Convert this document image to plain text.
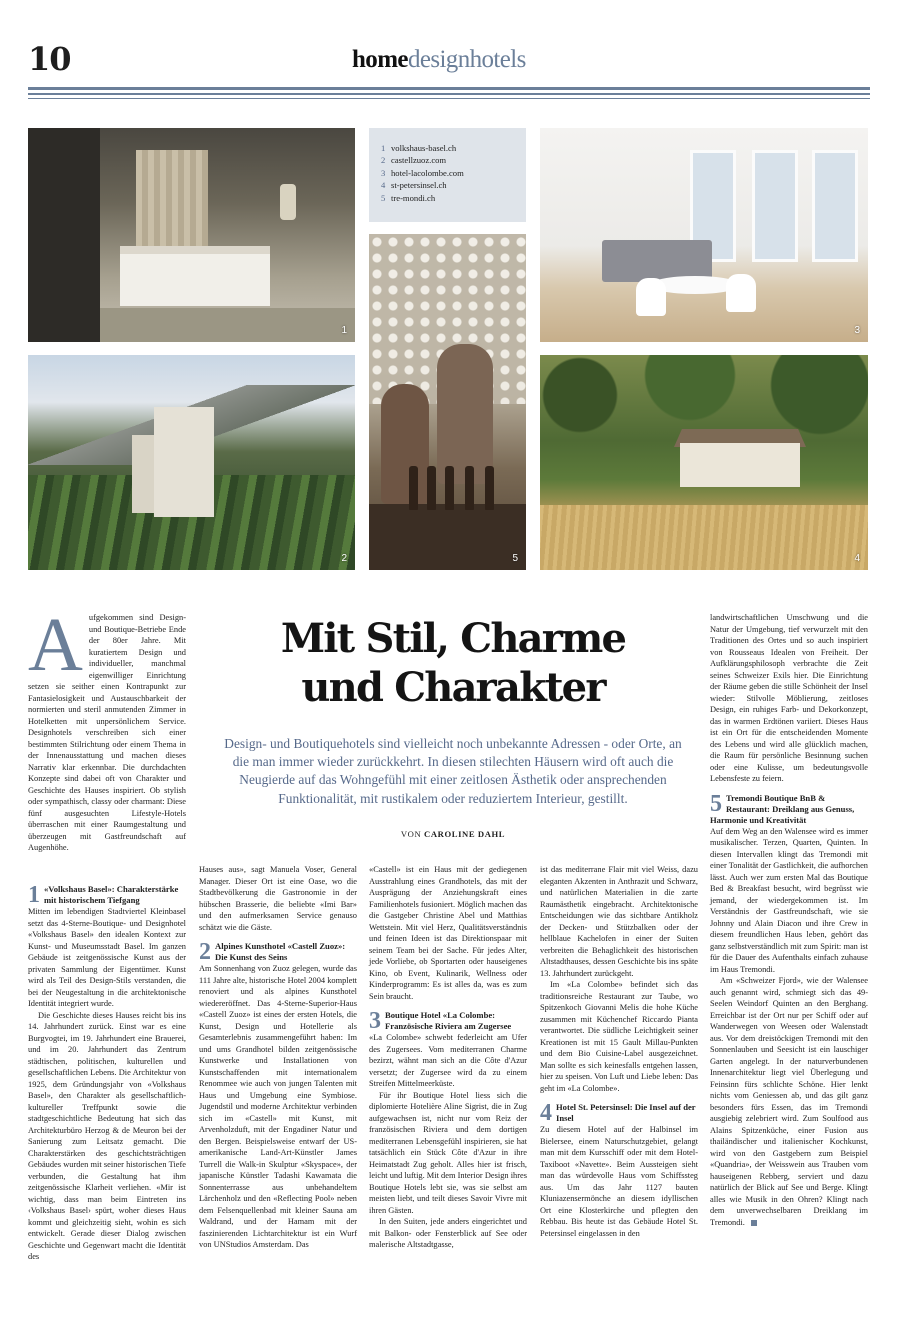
10	homedesignhotels
1
1 volkshaus-basel.ch
2 castellzuoz.com
3 hotel-lacolombe.com
4 st-petersinsel.ch
5 tre-mondi.ch
3
5
2	4
Mit Stil, Charme
und Charakter
Design- und Boutiquehotels sind vielleicht noch unbekannte Adressen - oder Orte, an die man immer wieder zurückkehrt. In diesen stilechten Häusern wird oft auch die Neugierde auf das Wohngefühl mit einer zeitlosen Ästhetik oder ansprechenden Funktionalität, mit rustikalem oder reduziertem Interieur, gestillt.
VON CAROLINE DAHL

Aufgekommen sind Design- und Boutique-Betriebe Ende der 80er Jahre. Mit kuratiertem Design und individueller, manchmal eigenwilliger Einrichtung setzen sie seither einen Kontrapunkt zur Fantasielosigkeit und Austauschbarkeit der normierten und steril anmutenden Zimmer in Hotelketten mit unpersönlichem Service. Designhotels verschreiben sich einer bestimmten Stilrichtung oder einem Thema in der Innenausstattung und machen dieses Narrativ klar erkennbar. Die durchdachten Konzepte sind dabei oft von Charakter und Geschichte des Hauses inspiriert. Ob stylish oder sympathisch, classy oder charmant: Diese fünf ausgesuchten Lifestyle-Hotels überraschen mit einer Raumgestaltung und überzeugen mit Gastfreundschaft auf Augenhöhe.

1 «Volkshaus Basel»: Charakterstärke mit historischem Tiefgang

Mitten im lebendigen Stadtviertel Kleinbasel setzt das 4-Sterne-Boutique- und Designhotel «Volkshaus Basel» den idealen Kontext zur Kunst- und Museumsstadt Basel. Im ganzen Gebäude ist zeitgenössische Kunst aus der privaten Sammlung der Eigentümer. Kunst wird als Teil des Design-Stils verstanden, die bei der Neugestaltung in die architektonische Identität integriert wurde.

Die Geschichte dieses Hauses reicht bis ins 14. Jahrhundert zurück. Einst war es eine Burgvogtei, im 19. Jahrhundert eine Brauerei, und im 20. Jahrhundert das Zentrum städtischen, politischen, kulturellen und gesellschaftlichen Lebens. Die Architektur von 1925, dem Gründungsjahr von «Volkshaus Basel», den Charakter als gesellschaftlich-kultureller Treffpunkt sowie die stadtgeschichtliche Bedeutung hat sich das Architekturbüro Herzog & de Meuron bei der Sanierung zum Leitsatz gemacht. Die Charakterstärken des geschichtsträchtigen Gebäudes wurden mit seiner historischen Tiefe verbunden, die Gestaltung hat ihm zeitgenössische Klarheit verliehen. «Mir ist wichtig, dass man beim Eintreten ins ‹Volkshaus Basel› spürt, woher dieses Haus kommt und gleichzeitig sieht, wohin es sich entwickelt. Gerade dieser Dialog zwischen Geschichte und Gegenwart macht die Identität des

Hauses aus», sagt Manuela Voser, General Manager. Dieser Ort ist eine Oase, wo die Stadtbevölkerung die Gastronomie in der hübschen Brasserie, die beliebte «Imi Bar» und den aufmerksamen Service genauso schätzt wie die Gäste.

2 Alpines Kunsthotel «Castell Zuoz»: Die Kunst des Seins

Am Sonnenhang von Zuoz gelegen, wurde das 111 Jahre alte, historische Hotel 2004 komplett renoviert und als alpines Kunsthotel wiedereröffnet. Das 4-Sterne-Superior-Haus «Castell Zuoz» ist eines der ersten Hotels, die Kunst, Design und Hotellerie als Gesamterlebnis zusammengeführt haben: Im und ums Grandhotel bilden zeitgenössische Kunstwerke und Installationen von Kunstschaffenden mit internationalem Renommee wie auch von jungen Talenten mit Haus und Umgebung eine Symbiose. Jugendstil und moderne Architektur verbinden sich im «Castell» mit Kunst, mit Arvenholzduft, mit der Engadiner Natur und den Bergen. Beispielsweise entwarf der US-amerikanische Land-Art-Künstler James Turrell die Walk-in Skulptur «Skyspace», der japanische Künstler Tadashi Kawamata die Sonnenterrasse aus unbehandeltem Lärchenholz und den «Reflecting Pool» neben dem Felsenquellenbad mit kleiner Sauna am Waldrand, und der Hamam mit der faszinierenden Lichtarchitektur ist ein Wurf von UNStudios Amsterdam. Das

«Castell» ist ein Haus mit der gediegenen Ausstrahlung eines Grandhotels, das mit der Ausprägung der Anziehungskraft eines Familienhotels fusioniert. Möglich machen das die Gastgeber Christine Abel und Matthias Wettstein. Mit viel Herz, Qualitätsverständnis und feinen Ideen ist das Direktionspaar mit seinem Team bei der Sache. Für jedes Alter, jede Vorliebe, ob Sportarten oder hauseigenes Kino, ob Event, Kulinarik, Wellness oder Kinderprogramm: Es ist alles da, was es zum Sein braucht.

3 Boutique Hotel «La Colombe: Französische Riviera am Zugersee

«La Colombe» schwebt federleicht am Ufer des Zugersees. Vom mediterranen Charme bezirzt, wähnt man sich an die Côte d'Azur versetzt; der Zugersee wird da zu einem Streifen Mittelmeerküste.

Für ihr Boutique Hotel liess sich die diplomierte Hotelière Aline Sigrist, die in Zug aufgewachsen ist, nicht nur vom Reiz der französischen Riviera und dem dortigen mediterranen Lebensgefühl inspirieren, sie hat tatsächlich ein Stück Côte d'Azur in ihre Heimatstadt Zug geholt. Alles hier ist frisch, leicht und luftig. Mit dem Interior Design ihres Boutique Hotels lebt sie, was sie selbst am meisten liebt, und teilt dieses Savoir Vivre mit ihren Gästen.

In den Suiten, jede anders eingerichtet und mit Balkon- oder Fensterblick auf See oder malerische Altstadtgasse,

ist das mediterrane Flair mit viel Weiss, dazu eleganten Akzenten in Anthrazit und Schwarz, und natürlichen Materialien in die zarte Raumästhetik eingebracht. Architektonische Entscheidungen wie das sichtbare Antikholz der Decken- und Stützbalken oder der hellblaue Kachelofen in einer der Suiten verbreiten die Behaglichkeit des historischen Altstadthauses, dessen Geschichte bis ins späte 13. Jahrhundert zurückgeht.

Im «La Colombe» befindet sich das traditionsreiche Restaurant zur Taube, wo Spitzenkoch Giovanni Melis die hohe Küche zusammen mit Küchenchef Riccardo Pianta verantwortet. Die südliche Leichtigkeit seiner Kreationen ist mit 15 Gault Millau-Punkten und dem Bio Cuisine-Label ausgezeichnet. Man sollte es sich keinesfalls entgehen lassen, hier zu speisen. Von Luft und Liebe leben: Das geht im «La Colombe».

4 Hotel St. Petersinsel: Die Insel auf der Insel

Zu diesem Hotel auf der Halbinsel im Bielersee, einem Naturschutzgebiet, gelangt man mit dem Kursschiff oder mit dem Hotel-Taxiboot «Navette». Beim Aussteigen sieht man das würdevolle Haus vom Schiffssteg aus. Um das Jahr 1127 bauten Kluniazensermönche an diesem idyllischen Ort eine Klosterkirche und pflegten den Rebbau. Bis heute ist das Gebäude Hotel St. Petersinsel eingelassen in den

landwirtschaftlichen Umschwung und die Natur der Umgebung, tief verwurzelt mit den Traditionen des Ortes und so auch inspiriert von Rousseaus Idealen von Freiheit. Der Aufklärungsphilosoph verbrachte die Zeit seines Schweizer Exils hier. Die Einrichtung der Räume geben die stille Schönheit der Insel wieder: Stilvolle Möblierung, zeitloses Design, ein ruhiges Farb- und Dekorkonzept, das in warmen Erdtönen variiert. Dieses Haus ist ein Ort für die entscheidenden Momente des Lebens und wird alle glücklich machen, die Raum für persönliche Besinnung suchen oder eine Kulisse, um bedeutungsvolle Lebensfeste zu feiern.

5 Tremondi Boutique BnB & Restaurant: Dreiklang aus Genuss, Harmonie und Kreativität

Auf dem Weg an den Walensee wird es immer musikalischer. Terzen, Quarten, Quinten. In diesen Intervallen klingt das Tremondi mit einer Tonalität der Gastlichkeit, die aufhorchen lässt. Auch wer zum ersten Mal das Boutique Bed & Breakfast besucht, wird begrüsst wie jemand, der wiedergekommen ist. Im Verständnis der Gastfreundschaft, wie sie Johnny und Alain Diacon und ihre Crew in diesem freundlichen Haus leben, gehört das ganz selbstverständlich mit zum Spirit: man ist für die Dauer des Aufenthalts einfach zuhause im Haus Tremondi.

Am «Schweizer Fjord», wie der Walensee auch genannt wird, schmiegt sich das 49-Seelen Weindorf Quinten an den Berghang. Erreichbar ist der Ort nur per Schiff oder auf Wanderwegen von Weesen oder Walenstadt aus. Vor dem dreistöckigen Tremondi mit den Sonnenlauben und Seesicht ist ein lauschiger Garten angelegt. In der naturverbundenen Innenarchitektur liegt viel Überlegung und Feinsinn fürs schlichte Schöne. Hier lenkt nichts vom Geniessen ab, und das gilt ganz besonders fürs Essen, das im Tremondi ausgiebig zelebriert wird. Zum Soulfood aus Alains Spitzenküche, einer Fusion aus thailändischer und italienischer Kochkunst, wird von den Gastgebern zum Beispiel «Quandria», der Weisswein aus Trauben vom hauseigenen Rebberg, serviert und dazu natürlich der Blick auf See und Berge. Klingt alles wie Musik in den Ohren? Klingt nach dem unverwechselbaren Dreiklang im Tremondi.
